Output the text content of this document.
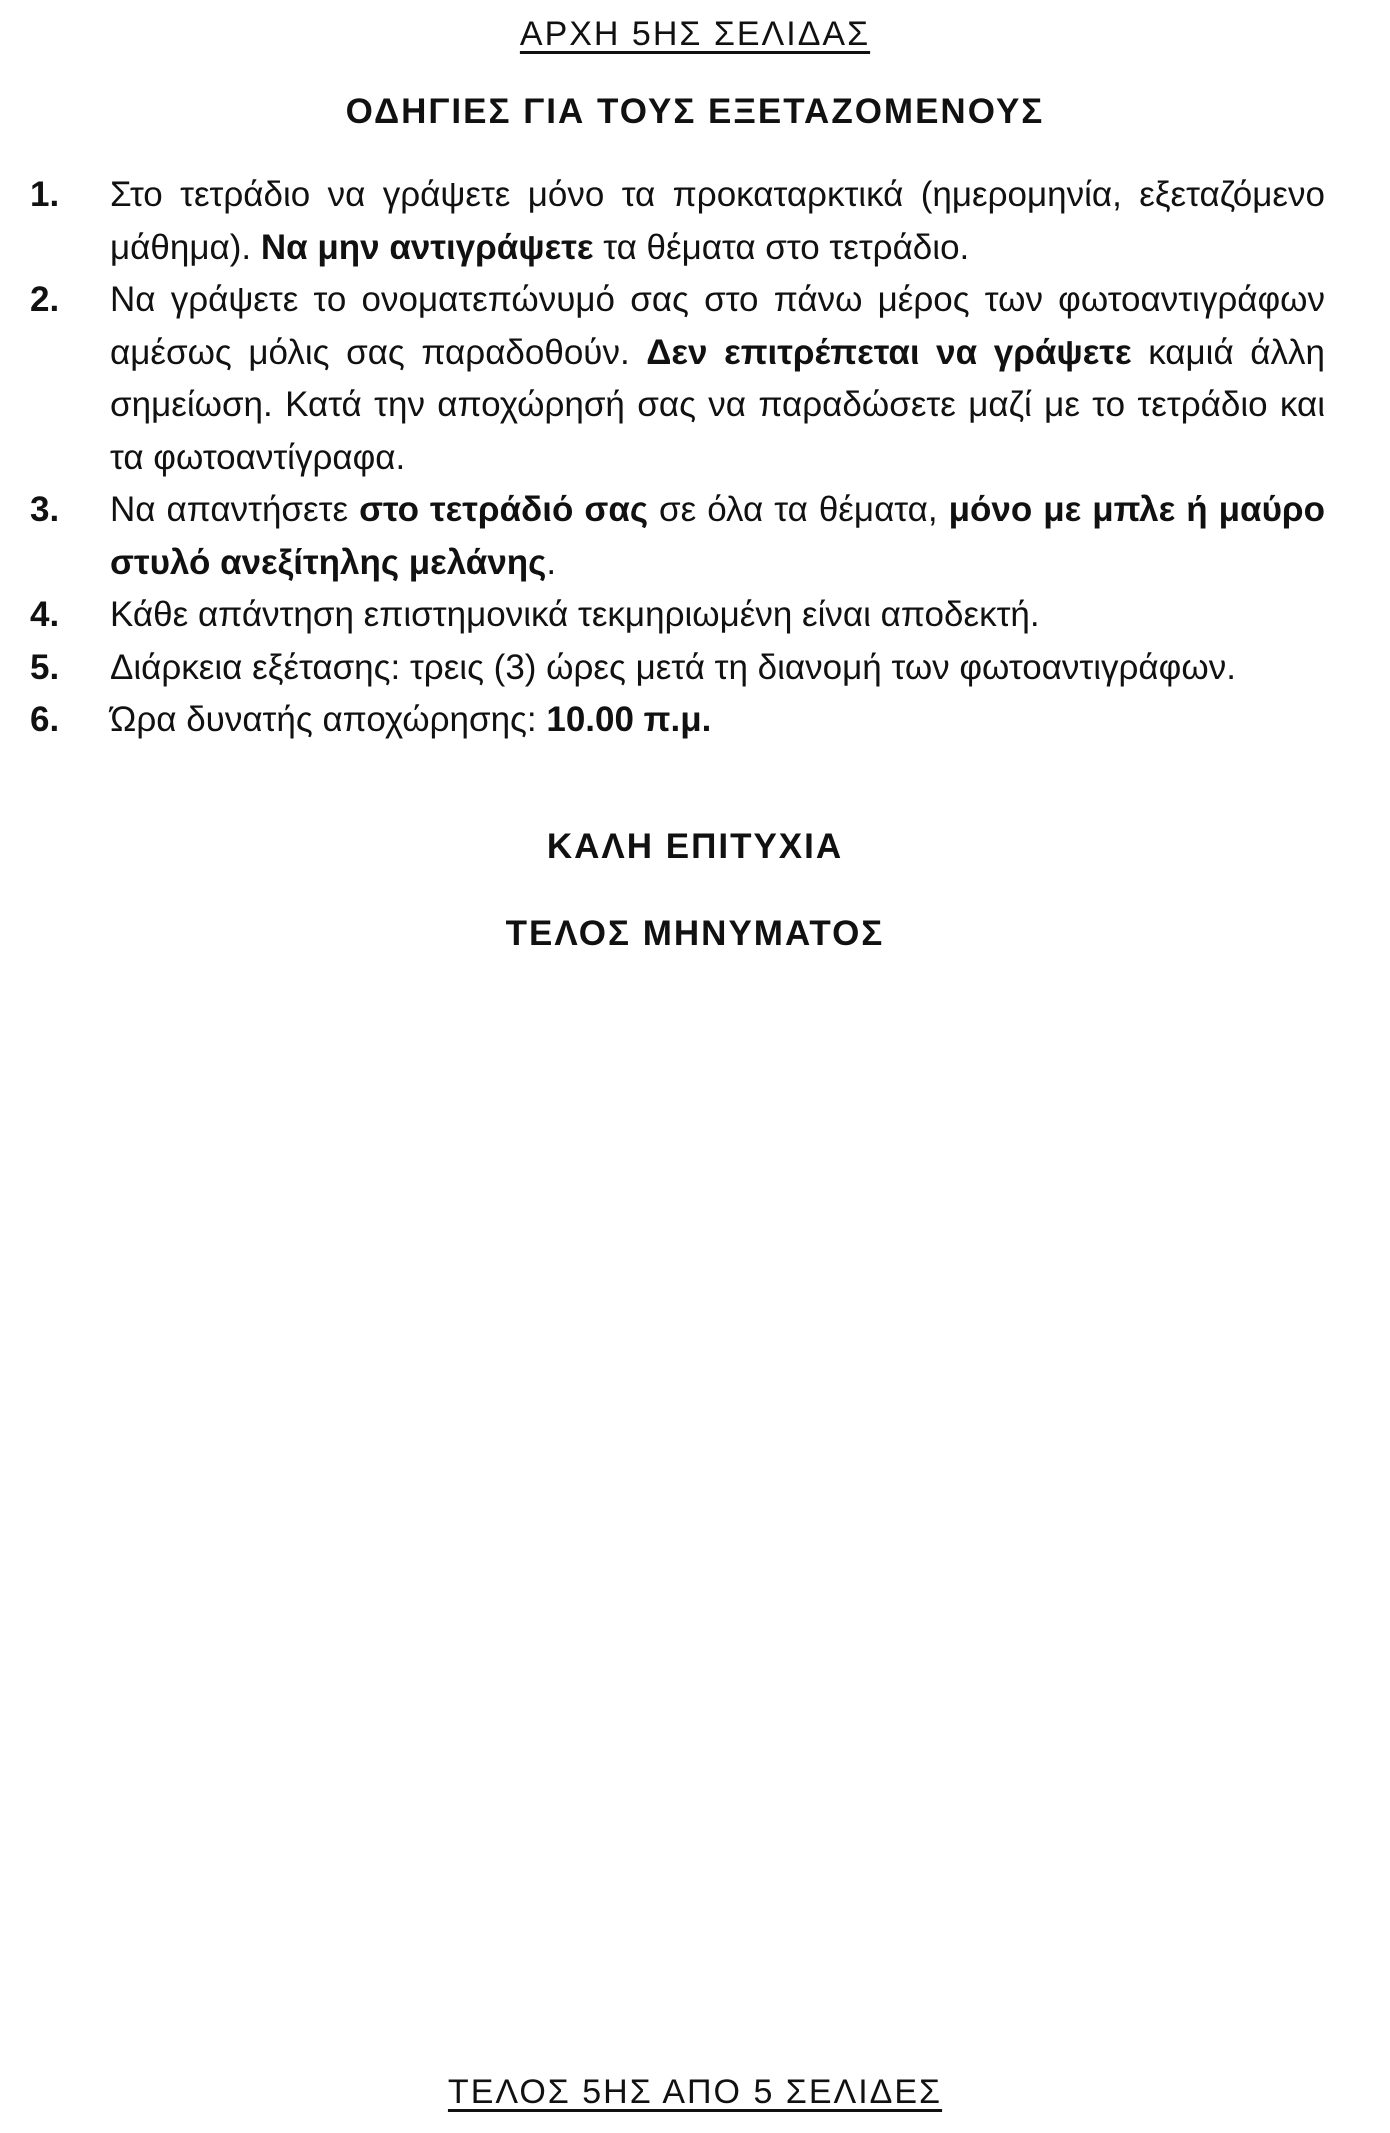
ΑΡΧΗ 5ΗΣ ΣΕΛΙΔΑΣ
ΟΔΗΓΙΕΣ ΓΙΑ ΤΟΥΣ ΕΞΕΤΑΖΟΜΕΝΟΥΣ
1.	Στο τετράδιο να γράψετε μόνο τα προκαταρκτικά (ημερομηνία, εξεταζόμενο μάθημα). Να μην αντιγράψετε τα θέματα στο τετράδιο.
2.	Να γράψετε το ονοματεπώνυμό σας στο πάνω μέρος των φωτοαντιγράφων αμέσως μόλις σας παραδοθούν. Δεν επιτρέπεται να γράψετε καμιά άλλη σημείωση. Κατά την αποχώρησή σας να παραδώσετε μαζί με το τετράδιο και τα φωτοαντίγραφα.
3.	Να απαντήσετε στο τετράδιό σας σε όλα τα θέματα, μόνο με μπλε ή μαύρο στυλό ανεξίτηλης μελάνης.
4.	Κάθε απάντηση επιστημονικά τεκμηριωμένη είναι αποδεκτή.
5.	Διάρκεια εξέτασης: τρεις (3) ώρες μετά τη διανομή των φωτοαντιγράφων.
6.	Ώρα δυνατής αποχώρησης: 10.00 π.μ.
ΚΑΛΗ ΕΠΙΤΥΧΙΑ
ΤΕΛΟΣ ΜΗΝΥΜΑΤΟΣ
ΤΕΛΟΣ 5ΗΣ ΑΠΟ 5 ΣΕΛΙΔΕΣ
